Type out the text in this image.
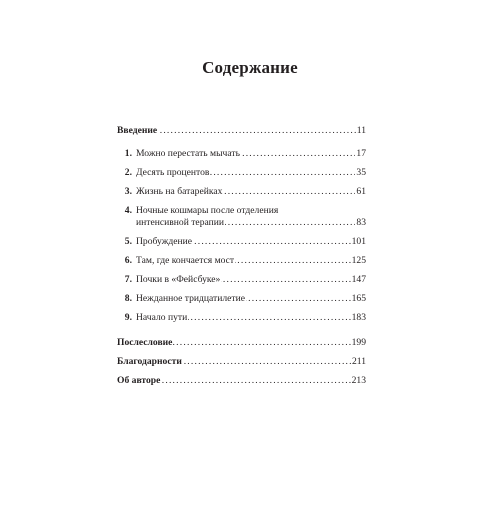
Содержание
Введение . . .	11
1. Можно перестать мычать . . .	17
2. Десять процентов . . .	35
3. Жизнь на батарейках . . .	61
4. Ночные кошмары после отделения
интенсивной терапии . . .	83
5. Пробуждение . . .	101
6. Там, где кончается мост . . .	125
7. Почки в «Фейсбуке» . . .	147
8. Нежданное тридцатилетие . . .	165
9. Начало пути . . .	183
Послесловие . . .	199
Благодарности . . .	211
Об авторе . . .	213
